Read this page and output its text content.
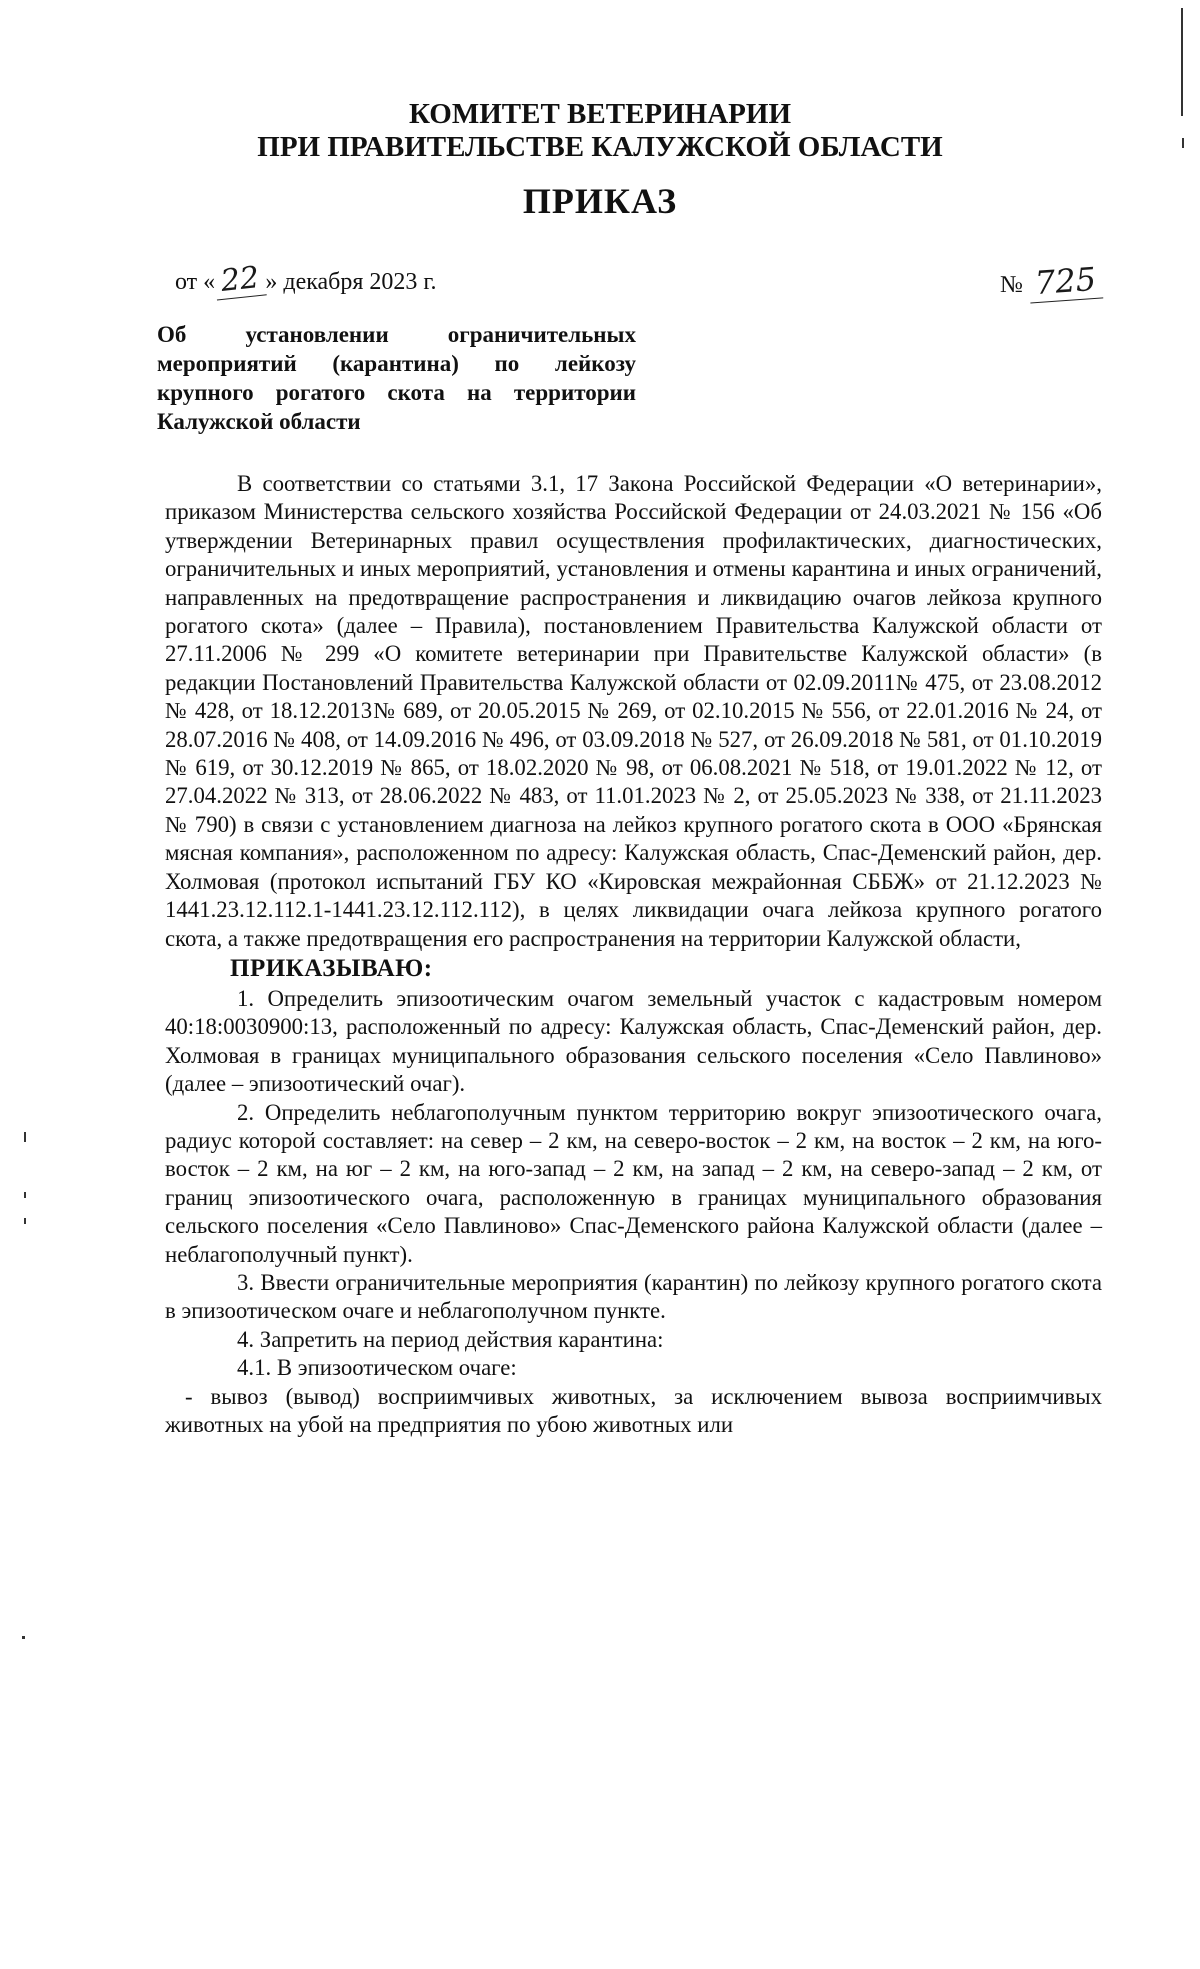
КОМИТЕТ ВЕТЕРИНАРИИ
ПРИ ПРАВИТЕЛЬСТВЕ КАЛУЖСКОЙ ОБЛАСТИ
ПРИКАЗ
от « 22 » декабря 2023 г.	№ 725
Об установлении ограничительных мероприятий (карантина) по лейкозу крупного рогатого скота на территории Калужской области

В соответствии со статьями 3.1, 17 Закона Российской Федерации «О ветеринарии», приказом Министерства сельского хозяйства Российской Федерации от 24.03.2021 № 156 «Об утверждении Ветеринарных правил осуществления профилактических, диагностических, ограничительных и иных мероприятий, установления и отмены карантина и иных ограничений, направленных на предотвращение распространения и ликвидацию очагов лейкоза крупного рогатого скота» (далее – Правила), постановлением Правительства Калужской области от 27.11.2006 № 299 «О комитете ветеринарии при Правительстве Калужской области» (в редакции Постановлений Правительства Калужской области от 02.09.2011№ 475, от 23.08.2012 № 428, от 18.12.2013№ 689, от 20.05.2015 № 269, от 02.10.2015 № 556, от 22.01.2016 № 24, от 28.07.2016 № 408, от 14.09.2016 № 496, от 03.09.2018 № 527, от 26.09.2018 № 581, от 01.10.2019 № 619, от 30.12.2019 № 865, от 18.02.2020 № 98, от 06.08.2021 № 518, от 19.01.2022 № 12, от 27.04.2022 № 313, от 28.06.2022 № 483, от 11.01.2023 № 2, от 25.05.2023 № 338, от 21.11.2023 № 790) в связи с установлением диагноза на лейкоз крупного рогатого скота в ООО «Брянская мясная компания», расположенном по адресу: Калужская область, Спас-Деменский район, дер. Холмовая (протокол испытаний ГБУ КО «Кировская межрайонная СББЖ» от 21.12.2023 № 1441.23.12.112.1-1441.23.12.112.112), в целях ликвидации очага лейкоза крупного рогатого скота, а также предотвращения его распространения на территории Калужской области,

ПРИКАЗЫВАЮ:

1. Определить эпизоотическим очагом земельный участок с кадастровым номером 40:18:0030900:13, расположенный по адресу: Калужская область, Спас-Деменский район, дер. Холмовая в границах муниципального образования сельского поселения «Село Павлиново» (далее – эпизоотический очаг).

2. Определить неблагополучным пунктом территорию вокруг эпизоотического очага, радиус которой составляет: на север – 2 км, на северо-восток – 2 км, на восток – 2 км, на юго-восток – 2 км, на юг – 2 км, на юго-запад – 2 км, на запад – 2 км, на северо-запад – 2 км, от границ эпизоотического очага, расположенную в границах муниципального образования сельского поселения «Село Павлиново» Спас-Деменского района Калужской области (далее – неблагополучный пункт).

3. Ввести ограничительные мероприятия (карантин) по лейкозу крупного рогатого скота в эпизоотическом очаге и неблагополучном пункте.

4. Запретить на период действия карантина:

4.1. В эпизоотическом очаге:

- вывоз (вывод) восприимчивых животных, за исключением вывоза восприимчивых животных на убой на предприятия по убою животных или
